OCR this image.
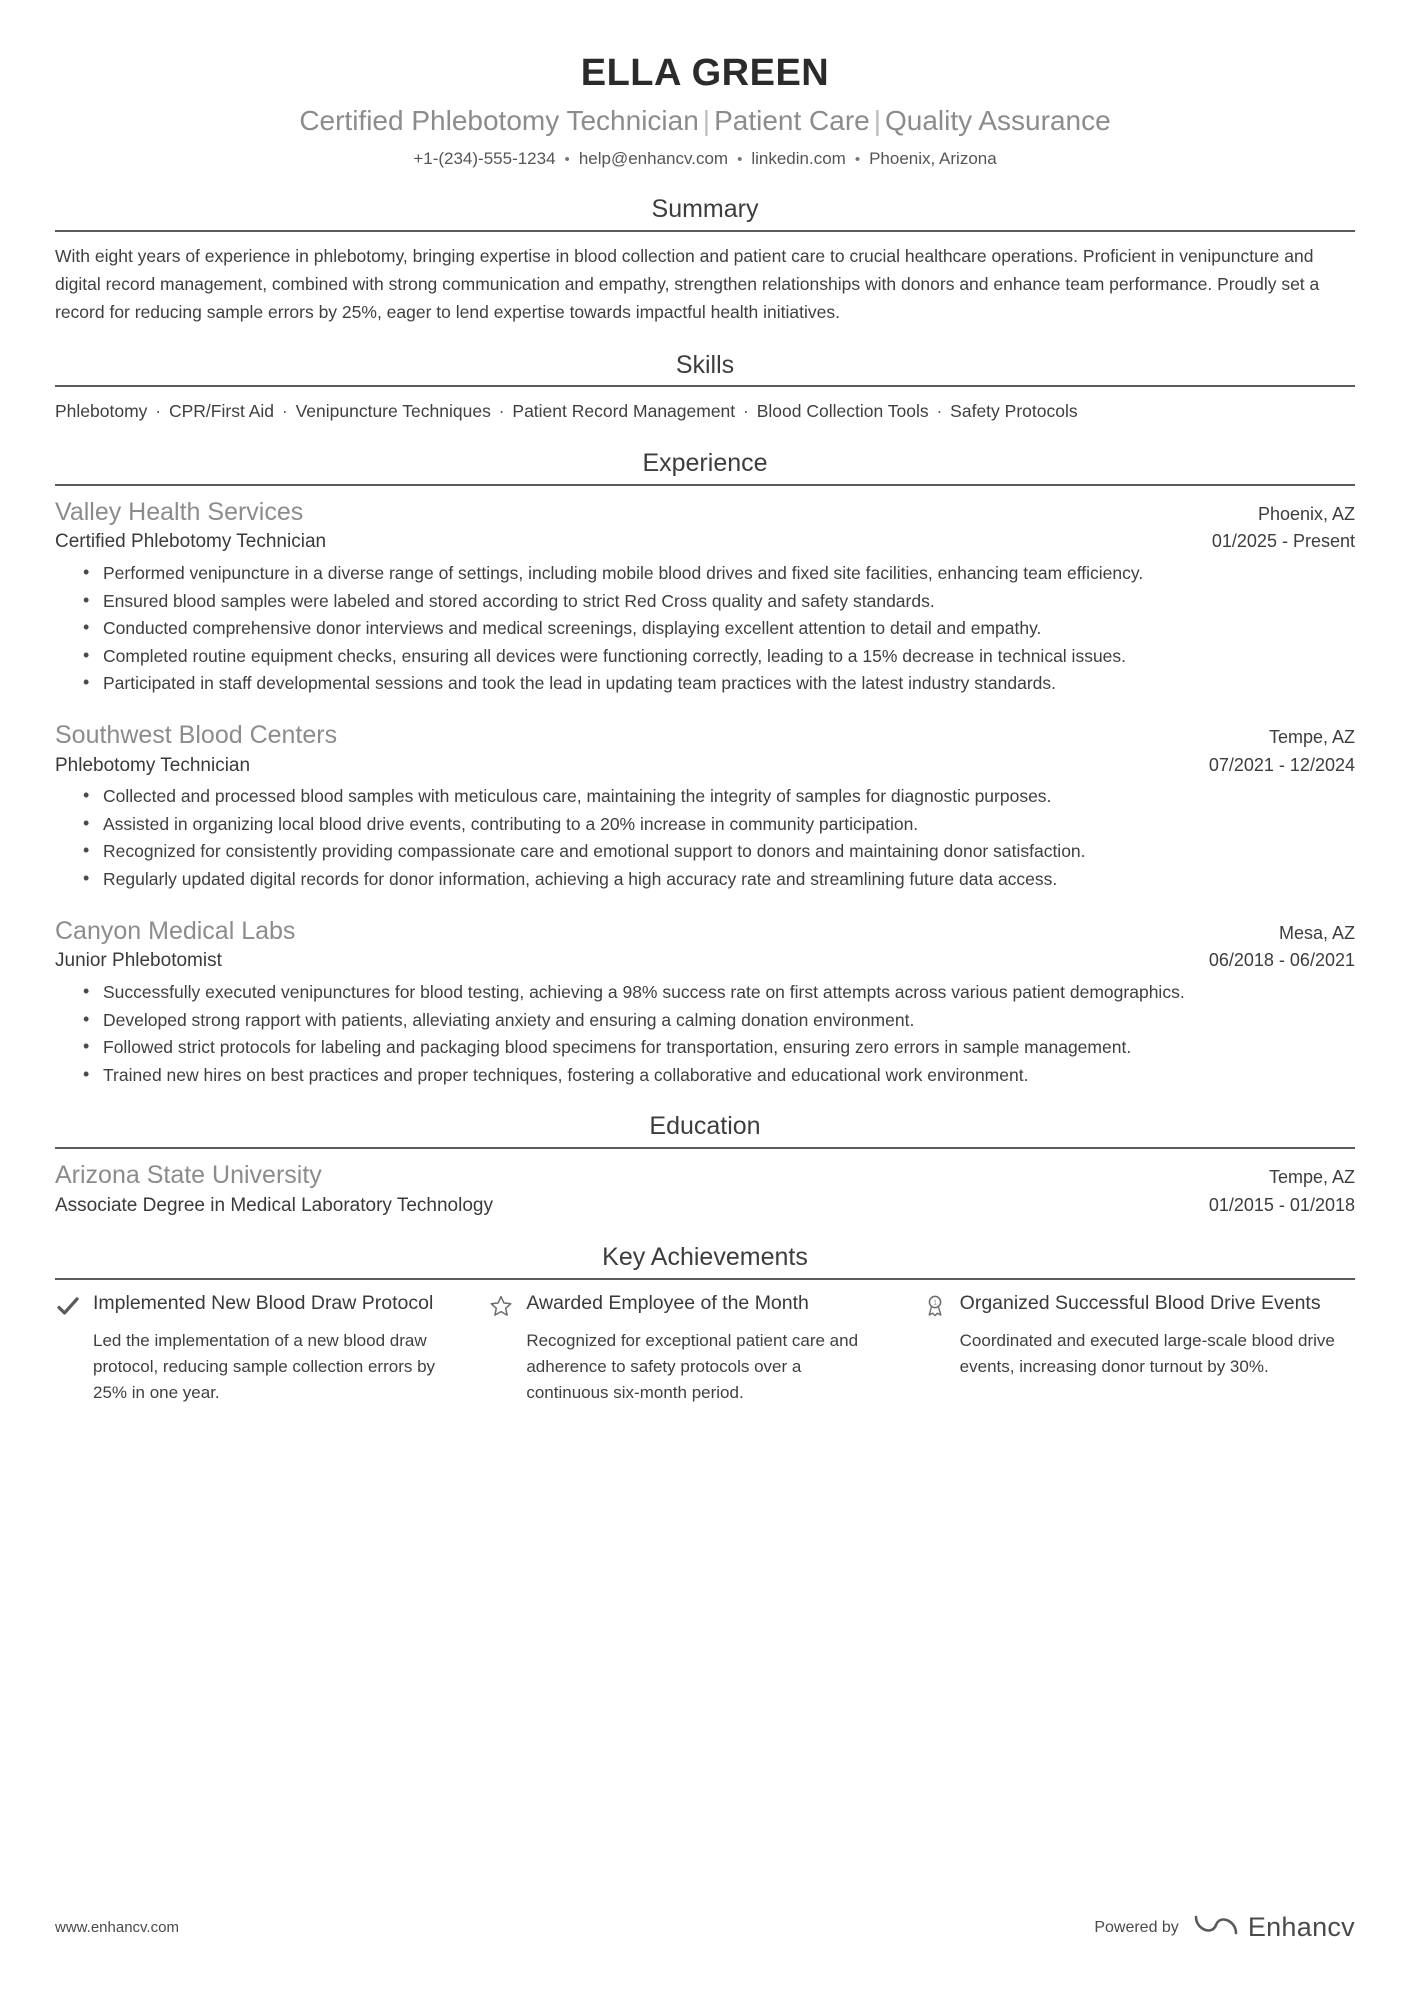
ELLA GREEN
Certified Phlebotomy Technician | Patient Care | Quality Assurance
+1-(234)-555-1234 • help@enhancv.com • linkedin.com • Phoenix, Arizona
Summary
With eight years of experience in phlebotomy, bringing expertise in blood collection and patient care to crucial healthcare operations. Proficient in venipuncture and digital record management, combined with strong communication and empathy, strengthen relationships with donors and enhance team performance. Proudly set a record for reducing sample errors by 25%, eager to lend expertise towards impactful health initiatives.
Skills
Phlebotomy · CPR/First Aid · Venipuncture Techniques · Patient Record Management · Blood Collection Tools · Safety Protocols
Experience
Valley Health Services	Phoenix, AZ
Certified Phlebotomy Technician	01/2025 - Present
• Performed venipuncture in a diverse range of settings, including mobile blood drives and fixed site facilities, enhancing team efficiency.
• Ensured blood samples were labeled and stored according to strict Red Cross quality and safety standards.
• Conducted comprehensive donor interviews and medical screenings, displaying excellent attention to detail and empathy.
• Completed routine equipment checks, ensuring all devices were functioning correctly, leading to a 15% decrease in technical issues.
• Participated in staff developmental sessions and took the lead in updating team practices with the latest industry standards.
Southwest Blood Centers	Tempe, AZ
Phlebotomy Technician	07/2021 - 12/2024
• Collected and processed blood samples with meticulous care, maintaining the integrity of samples for diagnostic purposes.
• Assisted in organizing local blood drive events, contributing to a 20% increase in community participation.
• Recognized for consistently providing compassionate care and emotional support to donors and maintaining donor satisfaction.
• Regularly updated digital records for donor information, achieving a high accuracy rate and streamlining future data access.
Canyon Medical Labs	Mesa, AZ
Junior Phlebotomist	06/2018 - 06/2021
• Successfully executed venipunctures for blood testing, achieving a 98% success rate on first attempts across various patient demographics.
• Developed strong rapport with patients, alleviating anxiety and ensuring a calming donation environment.
• Followed strict protocols for labeling and packaging blood specimens for transportation, ensuring zero errors in sample management.
• Trained new hires on best practices and proper techniques, fostering a collaborative and educational work environment.
Education
Arizona State University	Tempe, AZ
Associate Degree in Medical Laboratory Technology	01/2015 - 01/2018
Key Achievements
Implemented New Blood Draw Protocol
Led the implementation of a new blood draw protocol, reducing sample collection errors by 25% in one year.
Awarded Employee of the Month
Recognized for exceptional patient care and adherence to safety protocols over a continuous six-month period.
1 Organized Successful Blood Drive Events
Coordinated and executed large-scale blood drive events, increasing donor turnout by 30%.
www.enhancv.com	Powered by	Enhancv
